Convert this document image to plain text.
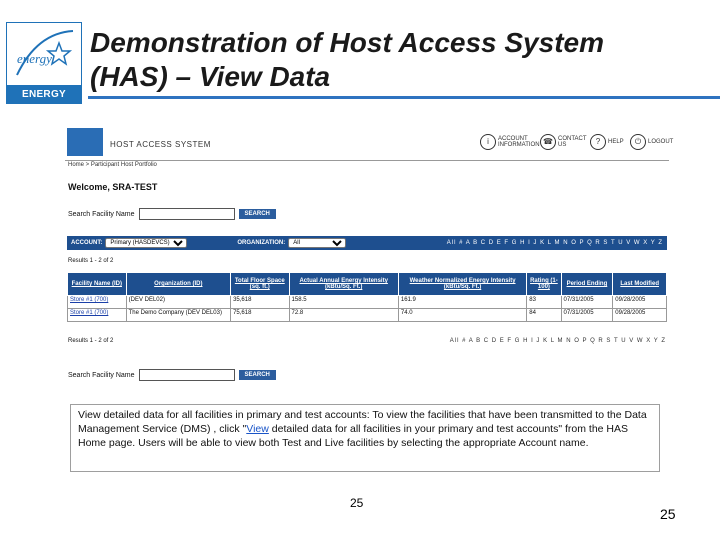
energy
ENERGY STAR
Demonstration of Host Access System
(HAS) – View Data
HOST ACCESS SYSTEM	i	ACCOUNT INFORMATION ☎ CONTACT US	?	HELP	⏻	LOGOUT
Home > Participant Host Portfolio
Welcome, SRA-TEST
Search Facility Name	SEARCH
ACCOUNT:
Primary (HASDEVCS)	ORGANIZATION:
All	All # A B C D E F G H I J K L M N O P Q R S T U V W X Y Z
Results 1 - 2 of 2
Facility Name (ID)	Organization (ID)	Total Floor Space (sq. ft.)	Actual Annual Energy Intensity (kBtu/Sq. Ft.)	Weather Normalized Energy Intensity (kBtu/Sq. Ft.)	Rating (1-100)	Period Ending	Last Modified
Store #1 (700)	(DEV DEL02)	35,618	158.5	161.9	83	07/31/2005	09/28/2005
Store #1 (700)	The Demo Company (DEV DEL03)	75,618	72.8	74.0	84	07/31/2005	09/28/2005
Results 1 - 2 of 2	All # A B C D E F G H I J K L M N O P Q R S T U V W X Y Z
Search Facility Name	SEARCH
View detailed data for all facilities in primary and test accounts: To view the facilities that have been transmitted to the Data Management Service (DMS) , click "View detailed data for all facilities in your primary and test accounts" from the HAS Home page. Users will be able to view both Test and Live facilities by selecting the appropriate Account name.
25
25
